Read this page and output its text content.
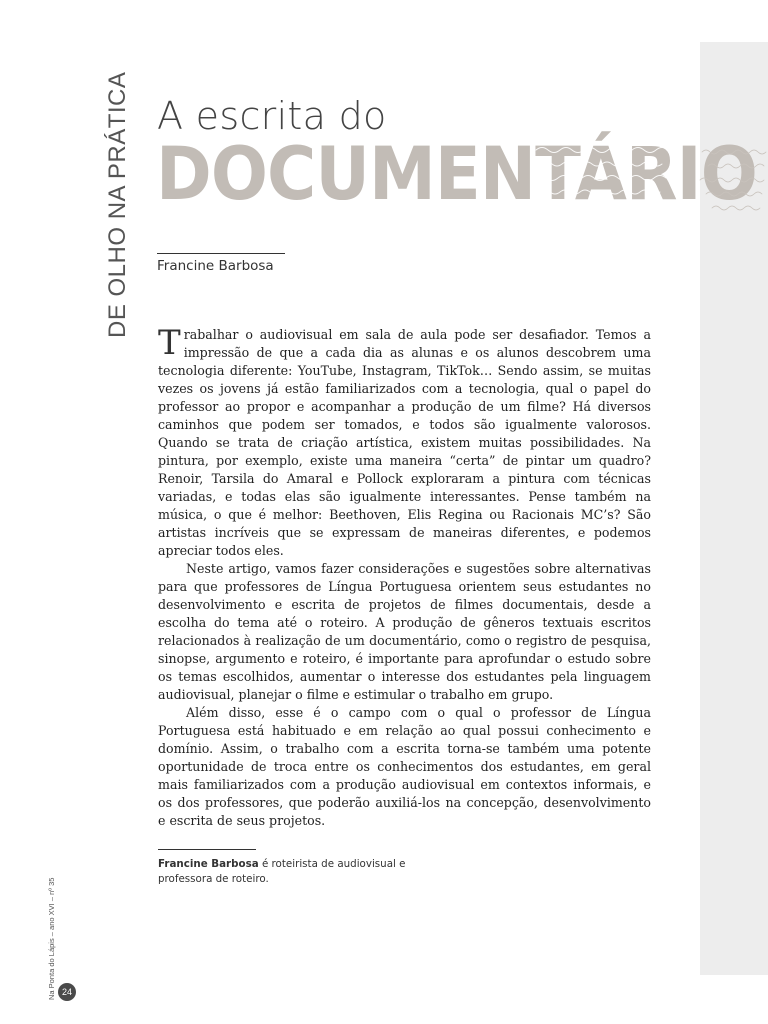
DE OLHO NA PRÁTICA A escrita do
DOCUMENTÁRIO
Francine Barbosa

Trabalhar o audiovisual em sala de aula pode ser desafiador. Temos a impressão de que a cada dia as alunas e os alunos descobrem uma tecnologia diferente: YouTube, Instagram, TikTok… Sendo assim, se muitas vezes os jovens já estão familiarizados com a tecnologia, qual o papel do professor ao propor e acompanhar a produção de um filme? Há diversos caminhos que podem ser tomados, e todos são igualmente valorosos. Quando se trata de criação artística, existem muitas possibilidades. Na pintura, por exemplo, existe uma maneira “certa” de pintar um quadro? Renoir, Tarsila do Amaral e Pollock exploraram a pintura com técnicas variadas, e todas elas são igualmente interessantes. Pense também na música, o que é melhor: Beethoven, Elis Regina ou Racionais MC’s? São artistas incríveis que se expressam de maneiras diferentes, e podemos apreciar todos eles.

Neste artigo, vamos fazer considerações e sugestões sobre alternativas para que professores de Língua Portuguesa orientem seus estudantes no desenvolvimento e escrita de projetos de filmes documentais, desde a escolha do tema até o roteiro. A produção de gêneros textuais escritos relacionados à realização de um documentário, como o registro de pesquisa, sinopse, argumento e roteiro, é importante para aprofundar o estudo sobre os temas escolhidos, aumentar o interesse dos estudantes pela linguagem audiovisual, planejar o filme e estimular o trabalho em grupo.

Além disso, esse é o campo com o qual o professor de Língua Portuguesa está habituado e em relação ao qual possui conhecimento e domínio. Assim, o trabalho com a escrita torna-se também uma potente oportunidade de troca entre os conhecimentos dos estudantes, em geral mais familiarizados com a produção audiovisual em contextos informais, e os dos professores, que poderão auxiliá-los na concepção, desenvolvimento e escrita de seus projetos.

Francine Barbosa é roteirista de audiovisual e professora de roteiro.
Na Ponta do Lápis – ano XVI – nº 35 24
